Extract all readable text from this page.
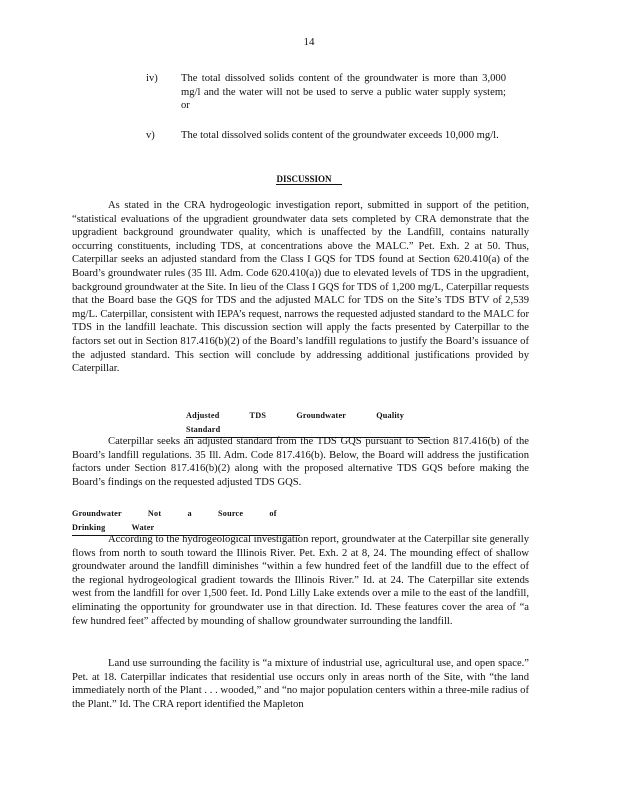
14
iv) The total dissolved solids content of the groundwater is more than 3,000 mg/l and the water will not be used to serve a public water supply system; or
v) The total dissolved solids content of the groundwater exceeds 10,000 mg/l.
DISCUSSION
As stated in the CRA hydrogeologic investigation report, submitted in support of the petition, “statistical evaluations of the upgradient groundwater data sets completed by CRA demonstrate that the upgradient background groundwater quality, which is unaffected by the Landfill, contains naturally occurring constituents, including TDS, at concentrations above the MALC.” Pet. Exh. 2 at 50. Thus, Caterpillar seeks an adjusted standard from the Class I GQS for TDS found at Section 620.410(a) of the Board’s groundwater rules (35 Ill. Adm. Code 620.410(a)) due to elevated levels of TDS in the upgradient, background groundwater at the Site. In lieu of the Class I GQS for TDS of 1,200 mg/L, Caterpillar requests that the Board base the GQS for TDS and the adjusted MALC for TDS on the Site’s TDS BTV of 2,539 mg/L. Caterpillar, consistent with IEPA’s request, narrows the requested adjusted standard to the MALC for TDS in the landfill leachate. This discussion section will apply the facts presented by Caterpillar to the factors set out in Section 817.416(b)(2) of the Board’s landfill regulations to justify the Board’s issuance of the adjusted standard. This section will conclude by addressing additional justifications provided by Caterpillar.
Adjusted TDS Groundwater Quality Standard
Caterpillar seeks an adjusted standard from the TDS GQS pursuant to Section 817.416(b) of the Board’s landfill regulations. 35 Ill. Adm. Code 817.416(b). Below, the Board will address the justification factors under Section 817.416(b)(2) along with the proposed alternative TDS GQS before making the Board’s findings on the requested adjusted TDS GQS.
Groundwater Not a Source of Drinking Water
According to the hydrogeological investigation report, groundwater at the Caterpillar site generally flows from north to south toward the Illinois River. Pet. Exh. 2 at 8, 24. The mounding effect of shallow groundwater around the landfill diminishes “within a few hundred feet of the landfill due to the effect of the regional hydrogeological gradient towards the Illinois River.” Id. at 24. The Caterpillar site extends west from the landfill for over 1,500 feet. Id. Pond Lilly Lake extends over a mile to the east of the landfill, eliminating the opportunity for groundwater use in that direction. Id. These features cover the area of “a few hundred feet” affected by mounding of shallow groundwater surrounding the landfill.
Land use surrounding the facility is “a mixture of industrial use, agricultural use, and open space.” Pet. at 18. Caterpillar indicates that residential use occurs only in areas north of the Site, with “the land immediately north of the Plant . . . wooded,” and “no major population centers within a three-mile radius of the Plant.” Id. The CRA report identified the Mapleton
